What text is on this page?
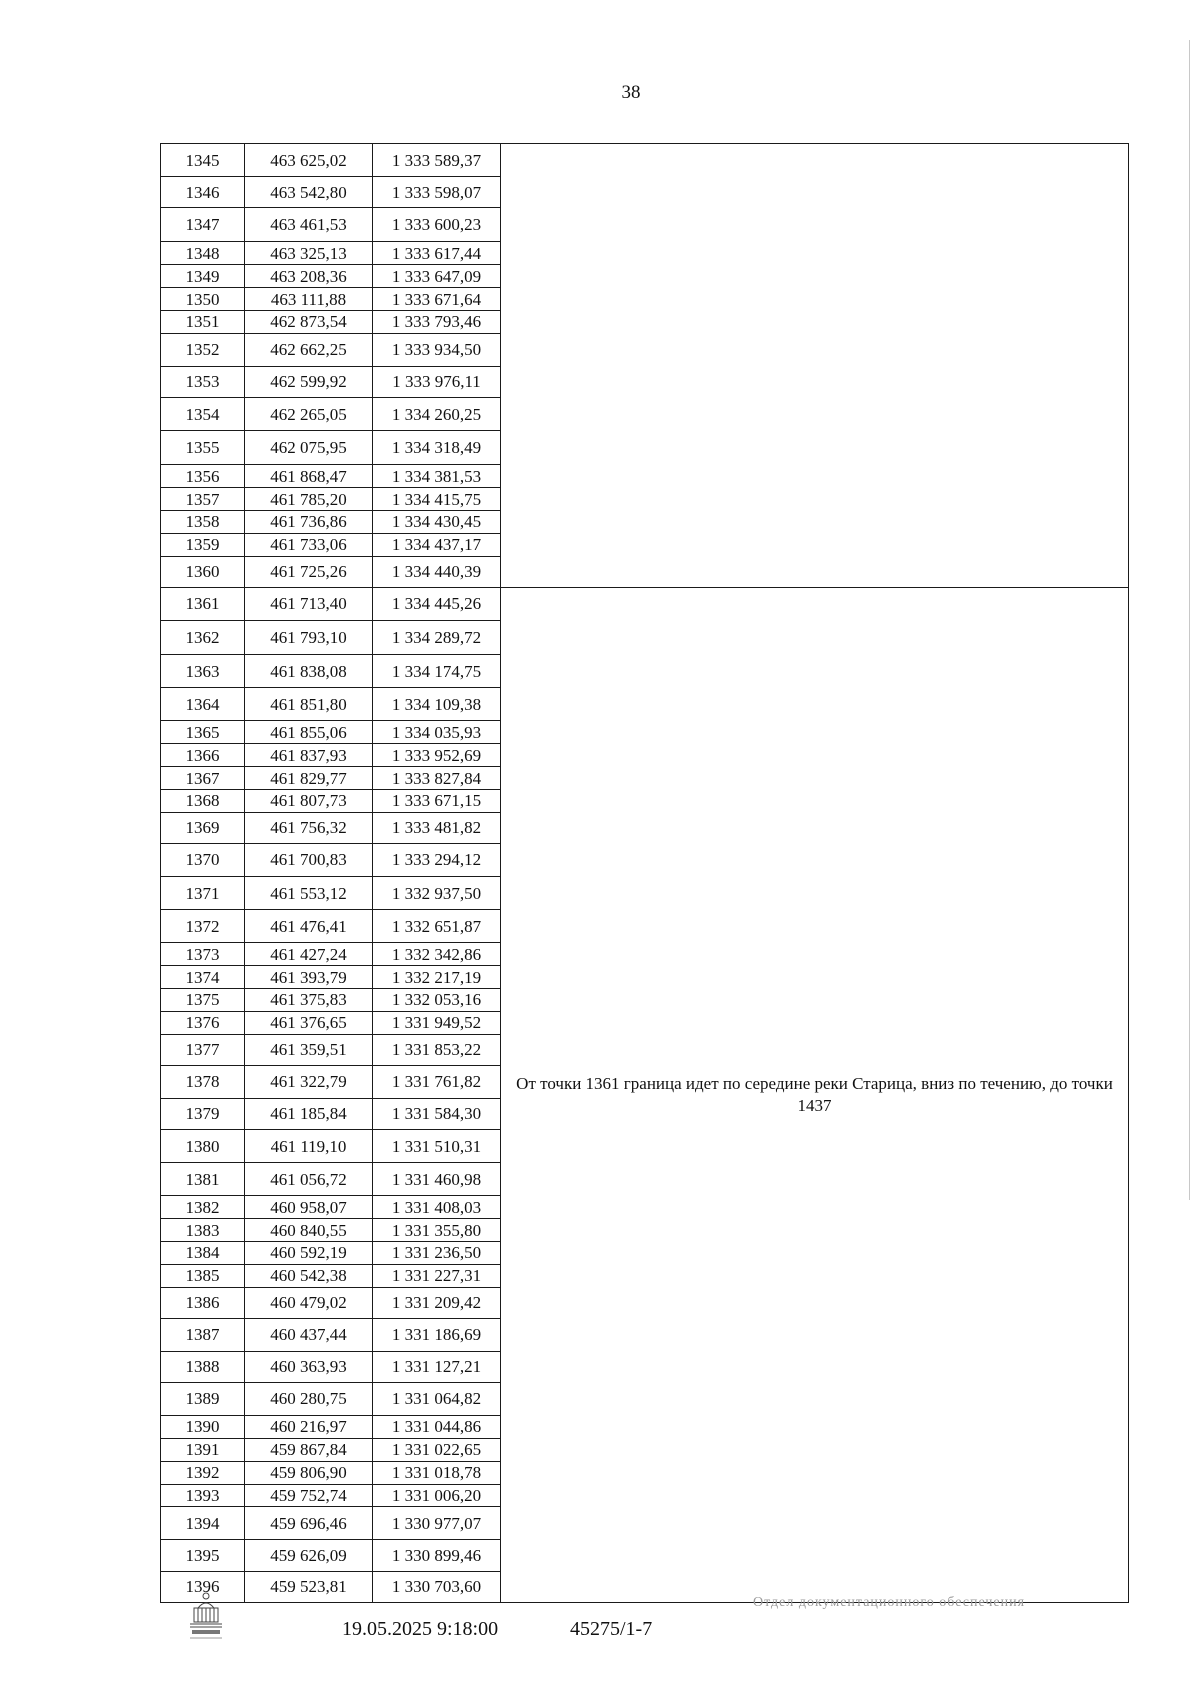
38
1345	463 625,02	1 333 589,37	
1346	463 542,80	1 333 598,07	
1347	463 461,53	1 333 600,23	
1348	463 325,13	1 333 617,44	
1349	463 208,36	1 333 647,09	
1350	463 111,88	1 333 671,64	
1351	462 873,54	1 333 793,46	
1352	462 662,25	1 333 934,50	
1353	462 599,92	1 333 976,11	
1354	462 265,05	1 334 260,25	
1355	462 075,95	1 334 318,49	
1356	461 868,47	1 334 381,53	
1357	461 785,20	1 334 415,75	
1358	461 736,86	1 334 430,45	
1359	461 733,06	1 334 437,17	
1360	461 725,26	1 334 440,39	
1361	461 713,40	1 334 445,26	От точки 1361 граница идет по середине реки Старица, вниз по течению, до точки 1437
1362	461 793,10	1 334 289,72	
1363	461 838,08	1 334 174,75	
1364	461 851,80	1 334 109,38	
1365	461 855,06	1 334 035,93	
1366	461 837,93	1 333 952,69	
1367	461 829,77	1 333 827,84	
1368	461 807,73	1 333 671,15	
1369	461 756,32	1 333 481,82	
1370	461 700,83	1 333 294,12	
1371	461 553,12	1 332 937,50	
1372	461 476,41	1 332 651,87	
1373	461 427,24	1 332 342,86	
1374	461 393,79	1 332 217,19	
1375	461 375,83	1 332 053,16	
1376	461 376,65	1 331 949,52	
1377	461 359,51	1 331 853,22	
1378	461 322,79	1 331 761,82	
1379	461 185,84	1 331 584,30	
1380	461 119,10	1 331 510,31	
1381	461 056,72	1 331 460,98	
1382	460 958,07	1 331 408,03	
1383	460 840,55	1 331 355,80	
1384	460 592,19	1 331 236,50	
1385	460 542,38	1 331 227,31	
1386	460 479,02	1 331 209,42	
1387	460 437,44	1 331 186,69	
1388	460 363,93	1 331 127,21	
1389	460 280,75	1 331 064,82	
1390	460 216,97	1 331 044,86	
1391	459 867,84	1 331 022,65	
1392	459 806,90	1 331 018,78	
1393	459 752,74	1 331 006,20	
1394	459 696,46	1 330 977,07	
1395	459 626,09	1 330 899,46	
1396	459 523,81	1 330 703,60	
19.05.2025 9:18:00	45275/1-7
Отдел документационного обеспечения
